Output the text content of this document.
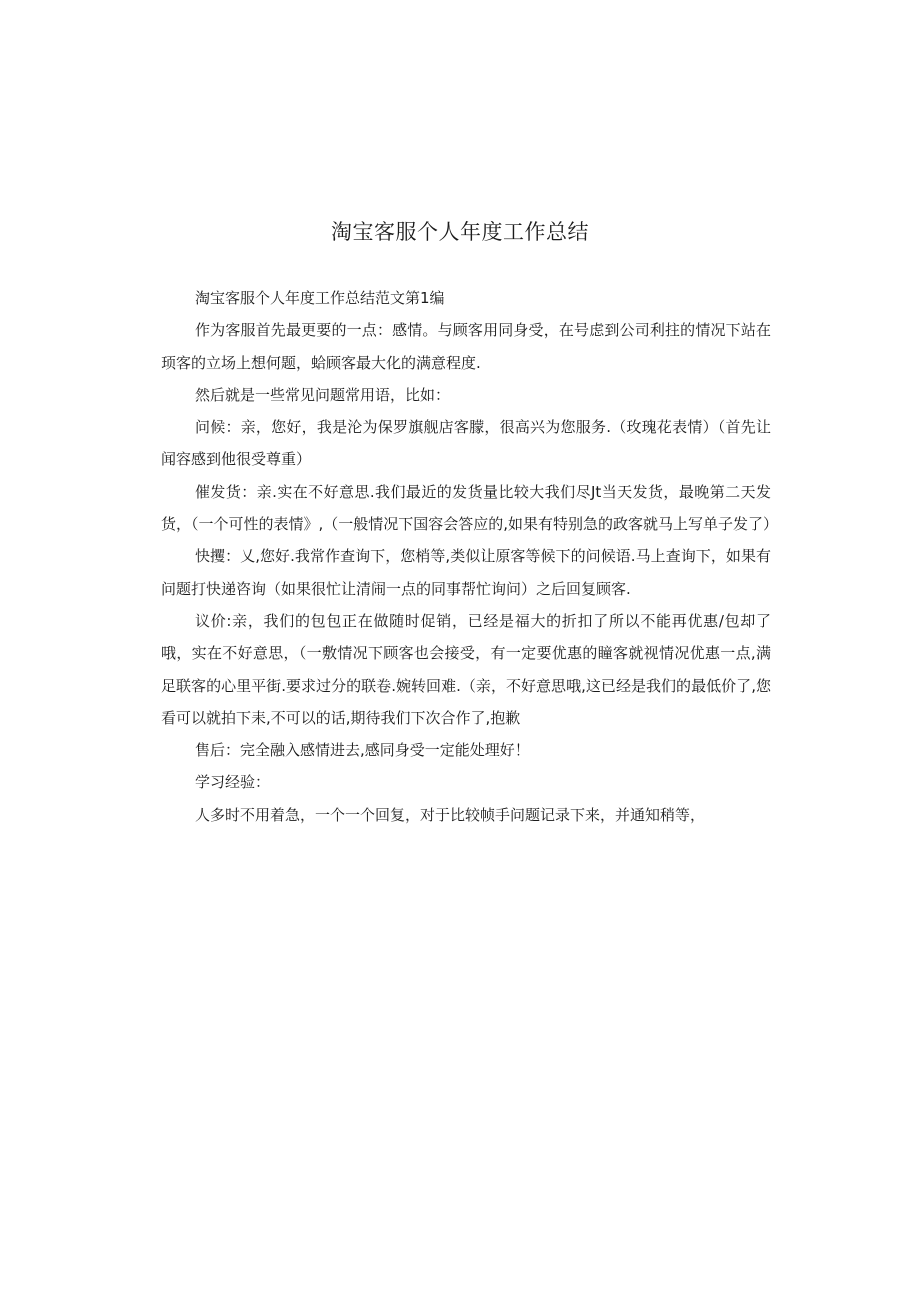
淘宝客服个人年度工作总结

淘宝客服个人年度工作总结范文第1编

作为客服首先最更要的一点：感情。与顾客用同身受，在号虑到公司利拄的情况下站在顼客的立场上想何题，蛤顾客最大化的满意程度.

然后就是一些常见问题常用语，比如：

问候：亲，您好，我是沦为保罗旗舰店客朦，很高兴为您服务.（玫瑰花表情）（首先让闻容感到他很受尊重）

催发货：亲.实在不好意思.我们最近的发货量比较大我们尽Jt当天发货，最晚第二天发货，（一个可性的表情》,（一般情况下国容会答应的,如果有特别急的政客就马上写单子发了）

快攫：乂,您好.我常作查询下，您梢等,类似让原客等候下的问候语.马上查询下，如果有问题打快递咨询（如果很忙让清闹一点的同事帮忙询问）之后回复顾客.

议价:亲，我们的包包正在做随时促销，已经是福大的折扣了所以不能再优惠/包却了哦，实在不好意思，（一敷情况下顾客也会接受，有一定要优惠的瞳客就视情况优惠一点,满足联客的心里平街.要求过分的联卷.婉转回难.（亲，不好意思哦,这已经是我们的最低价了,您看可以就拍下耒,不可以的话,期待我们下次合作了,抱歉

售后：完全融入感情进去,感同身受一定能处理好！

学习经验：

人多时不用着急，一个一个回复，对于比较帧手问题记录下来，并通知稍等，
